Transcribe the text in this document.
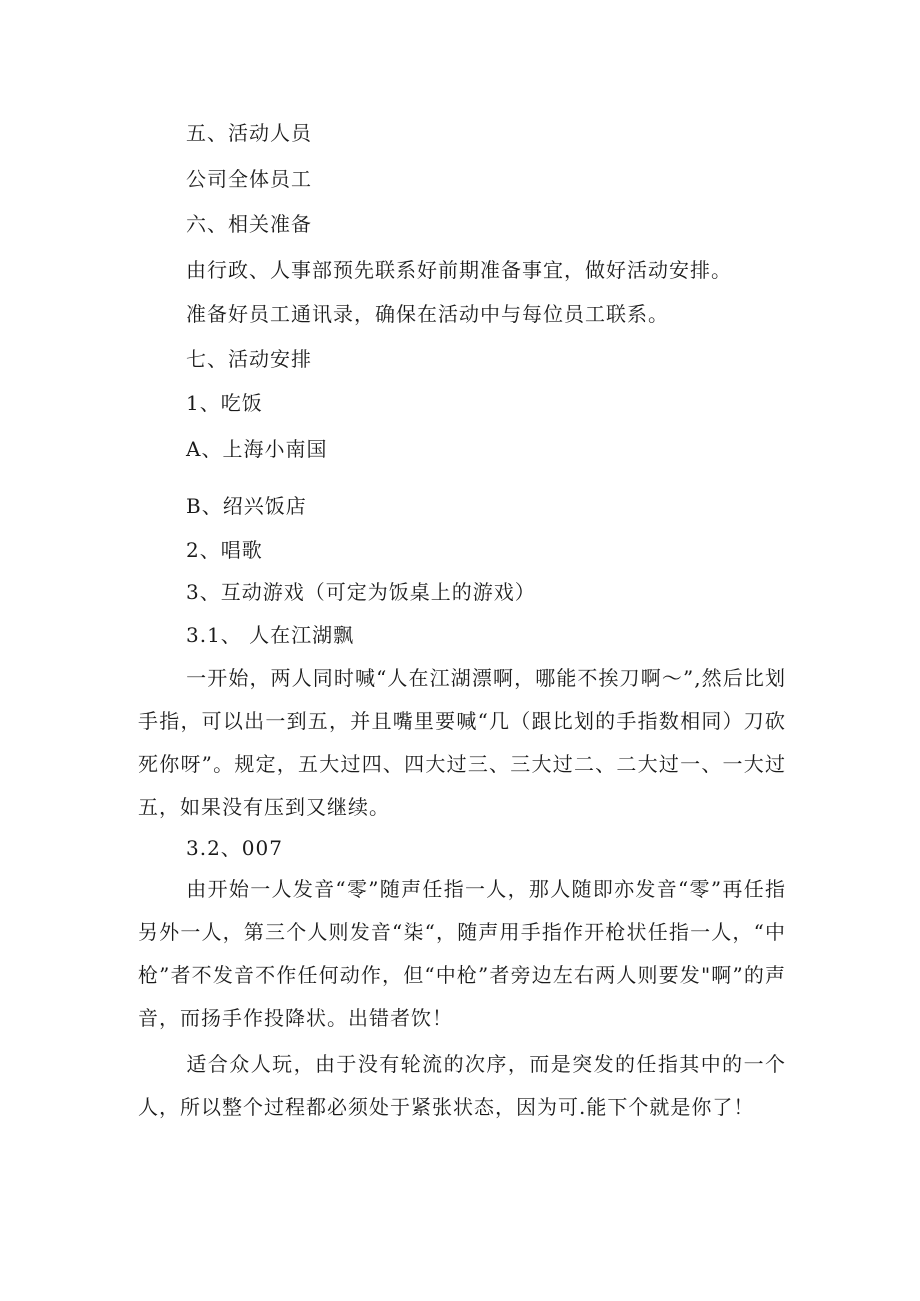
五、活动人员
公司全体员工
六、相关准备
由行政、人事部预先联系好前期准备事宜，做好活动安排。
准备好员工通讯录，确保在活动中与每位员工联系。
七、活动安排
1、吃饭
A、上海小南国
B、绍兴饭店
2、唱歌
3、互动游戏（可定为饭桌上的游戏）
3.1、 人在江湖飘
一开始，两人同时喊“人在江湖漂啊，哪能不挨刀啊～”,然后比划手指，可以出一到五，并且嘴里要喊“几（跟比划的手指数相同）刀砍死你呀”。规定，五大过四、四大过三、三大过二、二大过一、一大过五，如果没有压到又继续。
3.2、007
由开始一人发音“零”随声任指一人，那人随即亦发音“零”再任指另外一人，第三个人则发音“柒“，随声用手指作开枪状任指一人，“中枪”者不发音不作任何动作，但“中枪”者旁边左右两人则要发"啊”的声音，而扬手作投降状。出错者饮！
适合众人玩，由于没有轮流的次序，而是突发的任指其中的一个人，所以整个过程都必须处于紧张状态，因为可.能下个就是你了！
